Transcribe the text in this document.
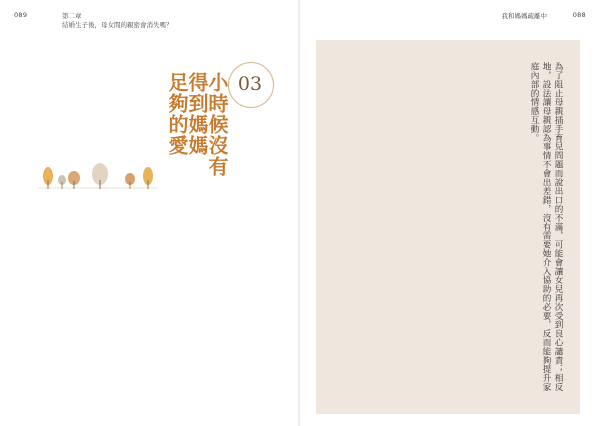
089	第二章
結婚生子後，母女間的親密會消失嗎？
03
小時候沒有
得到媽媽
足夠的愛

我和媽媽疏離中	088

為了阻止母親插手育兒問題而說出口的不滿，可能會讓女兒再次受到良心譴責；相反地，設法讓母親認為事情不會出差錯，沒有需要她介入協助的必要，反而能夠提升家庭內部的情感互動。
